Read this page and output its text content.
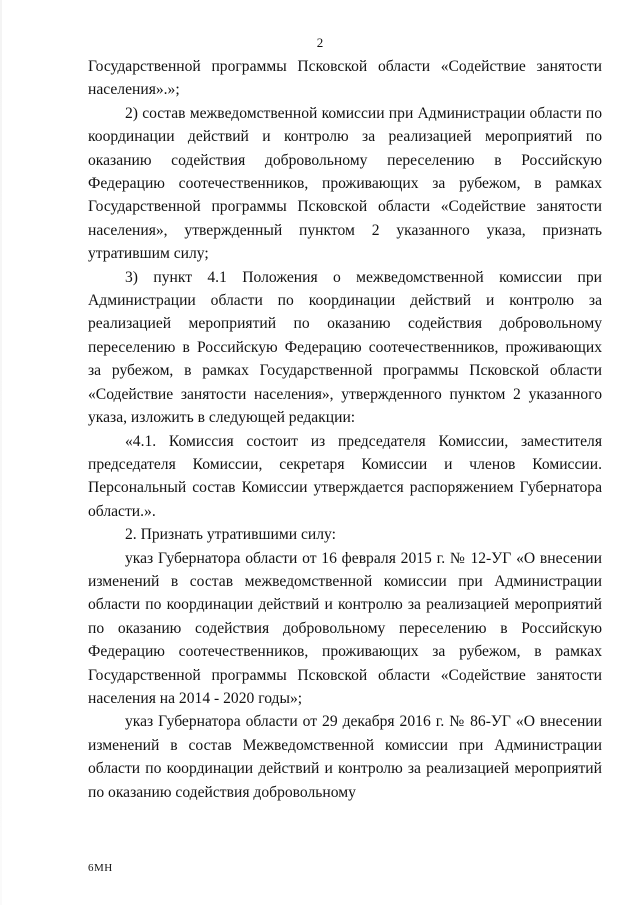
2

Государственной программы Псковской области «Содействие занятости населения».»;

2) состав межведомственной комиссии при Администрации области по координации действий и контролю за реализацией мероприятий по оказанию содействия добровольному переселению в Российскую Федерацию соотечественников, проживающих за рубежом, в рамках Государственной программы Псковской области «Содействие занятости населения», утвержденный пунктом 2 указанного указа, признать утратившим силу;

3) пункт 4.1 Положения о межведомственной комиссии при Администрации области по координации действий и контролю за реализацией мероприятий по оказанию содействия добровольному переселению в Российскую Федерацию соотечественников, проживающих за рубежом, в рамках Государственной программы Псковской области «Содействие занятости населения», утвержденного пунктом 2 указанного указа, изложить в следующей редакции:

«4.1. Комиссия состоит из председателя Комиссии, заместителя председателя Комиссии, секретаря Комиссии и членов Комиссии. Персональный состав Комиссии утверждается распоряжением Губернатора области.».

2. Признать утратившими силу:

указ Губернатора области от 16 февраля 2015 г. № 12-УГ «О внесении изменений в состав межведомственной комиссии при Администрации области по координации действий и контролю за реализацией мероприятий по оказанию содействия добровольному переселению в Российскую Федерацию соотечественников, проживающих за рубежом, в рамках Государственной программы Псковской области «Содействие занятости населения на 2014 - 2020 годы»;

указ Губернатора области от 29 декабря 2016 г. № 86-УГ «О внесении изменений в состав Межведомственной комиссии при Администрации области по координации действий и контролю за реализацией мероприятий по оказанию содействия добровольному

6МН
